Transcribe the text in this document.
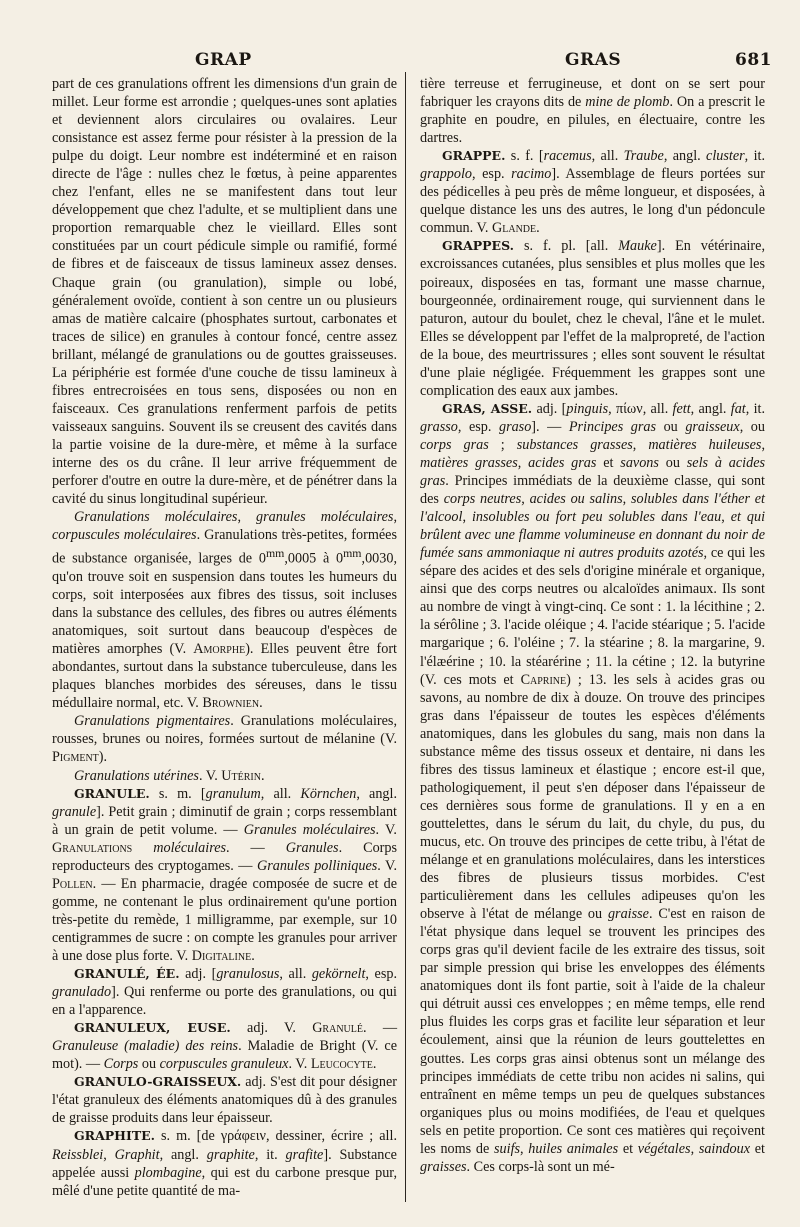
GRAP	GRAS	681

part de ces granulations offrent les dimensions d'un grain de millet. Leur forme est arrondie ; quelques-unes sont aplaties et deviennent alors circulaires ou ovalaires. Leur consistance est assez ferme pour résister à la pression de la pulpe du doigt. Leur nombre est indéterminé et en raison directe de l'âge : nulles chez le fœtus, à peine apparentes chez l'enfant, elles ne se manifestent dans tout leur développement que chez l'adulte, et se multiplient dans une proportion remarquable chez le vieillard. Elles sont constituées par un court pédicule simple ou ramifié, formé de fibres et de faisceaux de tissus lamineux assez denses. Chaque grain (ou granulation), simple ou lobé, généralement ovoïde, contient à son centre un ou plusieurs amas de matière calcaire (phosphates surtout, carbonates et traces de silice) en granules à contour foncé, centre assez brillant, mélangé de granulations ou de gouttes graisseuses. La périphérie est formée d'une couche de tissu lamineux à fibres entrecroisées en tous sens, disposées ou non en faisceaux. Ces granulations renferment parfois de petits vaisseaux sanguins. Souvent ils se creusent des cavités dans la partie voisine de la dure-mère, et même à la surface interne des os du crâne. Il leur arrive fréquemment de perforer d'outre en outre la dure-mère, et de pénétrer dans la cavité du sinus longitudinal supérieur.

Granulations moléculaires, granules moléculaires, corpuscules moléculaires. Granulations très-petites, formées de substance organisée, larges de $0^{mm},0005$ à $0^{mm},0030$, qu'on trouve soit en suspension dans toutes les humeurs du corps, soit interposées aux fibres des tissus, soit incluses dans la substance des cellules, des fibres ou autres éléments anatomiques, soit surtout dans beaucoup d'espèces de matières amorphes (V. Amorphe). Elles peuvent être fort abondantes, surtout dans la substance tuberculeuse, dans les plaques blanches morbides des séreuses, dans le tissu médullaire normal, etc. V. Brownien.

Granulations pigmentaires. Granulations moléculaires, rousses, brunes ou noires, formées surtout de mélanine (V. Pigment).

Granulations utérines. V. Utérin.

GRANULE. s. m. [granulum, all. Körnchen, angl. granule]. Petit grain ; diminutif de grain ; corps ressemblant à un grain de petit volume. — Granules moléculaires. V. Granulations moléculaires. — Granules. Corps reproducteurs des cryptogames. — Granules polliniques. V. Pollen. — En pharmacie, dragée composée de sucre et de gomme, ne contenant le plus ordinairement qu'une portion très-petite du remède, 1 milligramme, par exemple, sur 10 centigrammes de sucre : on compte les granules pour arriver à une dose plus forte. V. Digitaline.

GRANULÉ, ÉE. adj. [granulosus, all. gekörnelt, esp. granulado]. Qui renferme ou porte des granulations, ou qui en a l'apparence.

GRANULEUX, EUSE. adj. V. Granulé. — Granuleuse (maladie) des reins. Maladie de Bright (V. ce mot). — Corps ou corpuscules granuleux. V. Leucocyte.

GRANULO-GRAISSEUX. adj. S'est dit pour désigner l'état granuleux des éléments anatomiques dû à des granules de graisse produits dans leur épaisseur.

GRAPHITE. s. m. [de γράφειν, dessiner, écrire ; all. Reissblei, Graphit, angl. graphite, it. grafite]. Substance appelée aussi plombagine, qui est du carbone presque pur, mêlé d'une petite quantité de ma-

tière terreuse et ferrugineuse, et dont on se sert pour fabriquer les crayons dits de mine de plomb. On a prescrit le graphite en poudre, en pilules, en électuaire, contre les dartres.

GRAPPE. s. f. [racemus, all. Traube, angl. cluster, it. grappolo, esp. racimo]. Assemblage de fleurs portées sur des pédicelles à peu près de même longueur, et disposées, à quelque distance les uns des autres, le long d'un pédoncule commun. V. Glande.

GRAPPES. s. f. pl. [all. Mauke]. En vétérinaire, excroissances cutanées, plus sensibles et plus molles que les poireaux, disposées en tas, formant une masse charnue, bourgeonnée, ordinairement rouge, qui surviennent dans le paturon, autour du boulet, chez le cheval, l'âne et le mulet. Elles se développent par l'effet de la malpropreté, de l'action de la boue, des meurtrissures ; elles sont souvent le résultat d'une plaie négligée. Fréquemment les grappes sont une complication des eaux aux jambes.

GRAS, ASSE. adj. [pinguis, πίων, all. fett, angl. fat, it. grasso, esp. graso]. — Principes gras ou graisseux, ou corps gras ; substances grasses, matières huileuses, matières grasses, acides gras et savons ou sels à acides gras. Principes immédiats de la deuxième classe, qui sont des corps neutres, acides ou salins, solubles dans l'éther et l'alcool, insolubles ou fort peu solubles dans l'eau, et qui brûlent avec une flamme volumineuse en donnant du noir de fumée sans ammoniaque ni autres produits azotés, ce qui les sépare des acides et des sels d'origine minérale et organique, ainsi que des corps neutres ou alcaloïdes animaux. Ils sont au nombre de vingt à vingt-cinq. Ce sont : 1. la lécithine ; 2. la sérôline ; 3. l'acide oléique ; 4. l'acide stéarique ; 5. l'acide margarique ; 6. l'oléine ; 7. la stéarine ; 8. la margarine, 9. l'élæérine ; 10. la stéarérine ; 11. la cétine ; 12. la butyrine (V. ces mots et Caprine) ; 13. les sels à acides gras ou savons, au nombre de dix à douze. On trouve des principes gras dans l'épaisseur de toutes les espèces d'éléments anatomiques, dans les globules du sang, mais non dans la substance même des tissus osseux et dentaire, ni dans les fibres des tissus lamineux et élastique ; encore est-il que, pathologiquement, il peut s'en déposer dans l'épaisseur de ces dernières sous forme de granulations. Il y en a en gouttelettes, dans le sérum du lait, du chyle, du pus, du mucus, etc. On trouve des principes de cette tribu, à l'état de mélange et en granulations moléculaires, dans les interstices des fibres de plusieurs tissus morbides. C'est particulièrement dans les cellules adipeuses qu'on les observe à l'état de mélange ou graisse. C'est en raison de l'état physique dans lequel se trouvent les principes des corps gras qu'il devient facile de les extraire des tissus, soit par simple pression qui brise les enveloppes des éléments anatomiques dont ils font partie, soit à l'aide de la chaleur qui détruit aussi ces enveloppes ; en même temps, elle rend plus fluides les corps gras et facilite leur séparation et leur écoulement, ainsi que la réunion de leurs gouttelettes en gouttes. Les corps gras ainsi obtenus sont un mélange des principes immédiats de cette tribu non acides ni salins, qui entraînent en même temps un peu de quelques substances organiques plus ou moins modifiées, de l'eau et quelques sels en petite proportion. Ce sont ces matières qui reçoivent les noms de suifs, huiles animales et végétales, saindoux et graisses. Ces corps-là sont un mé-
